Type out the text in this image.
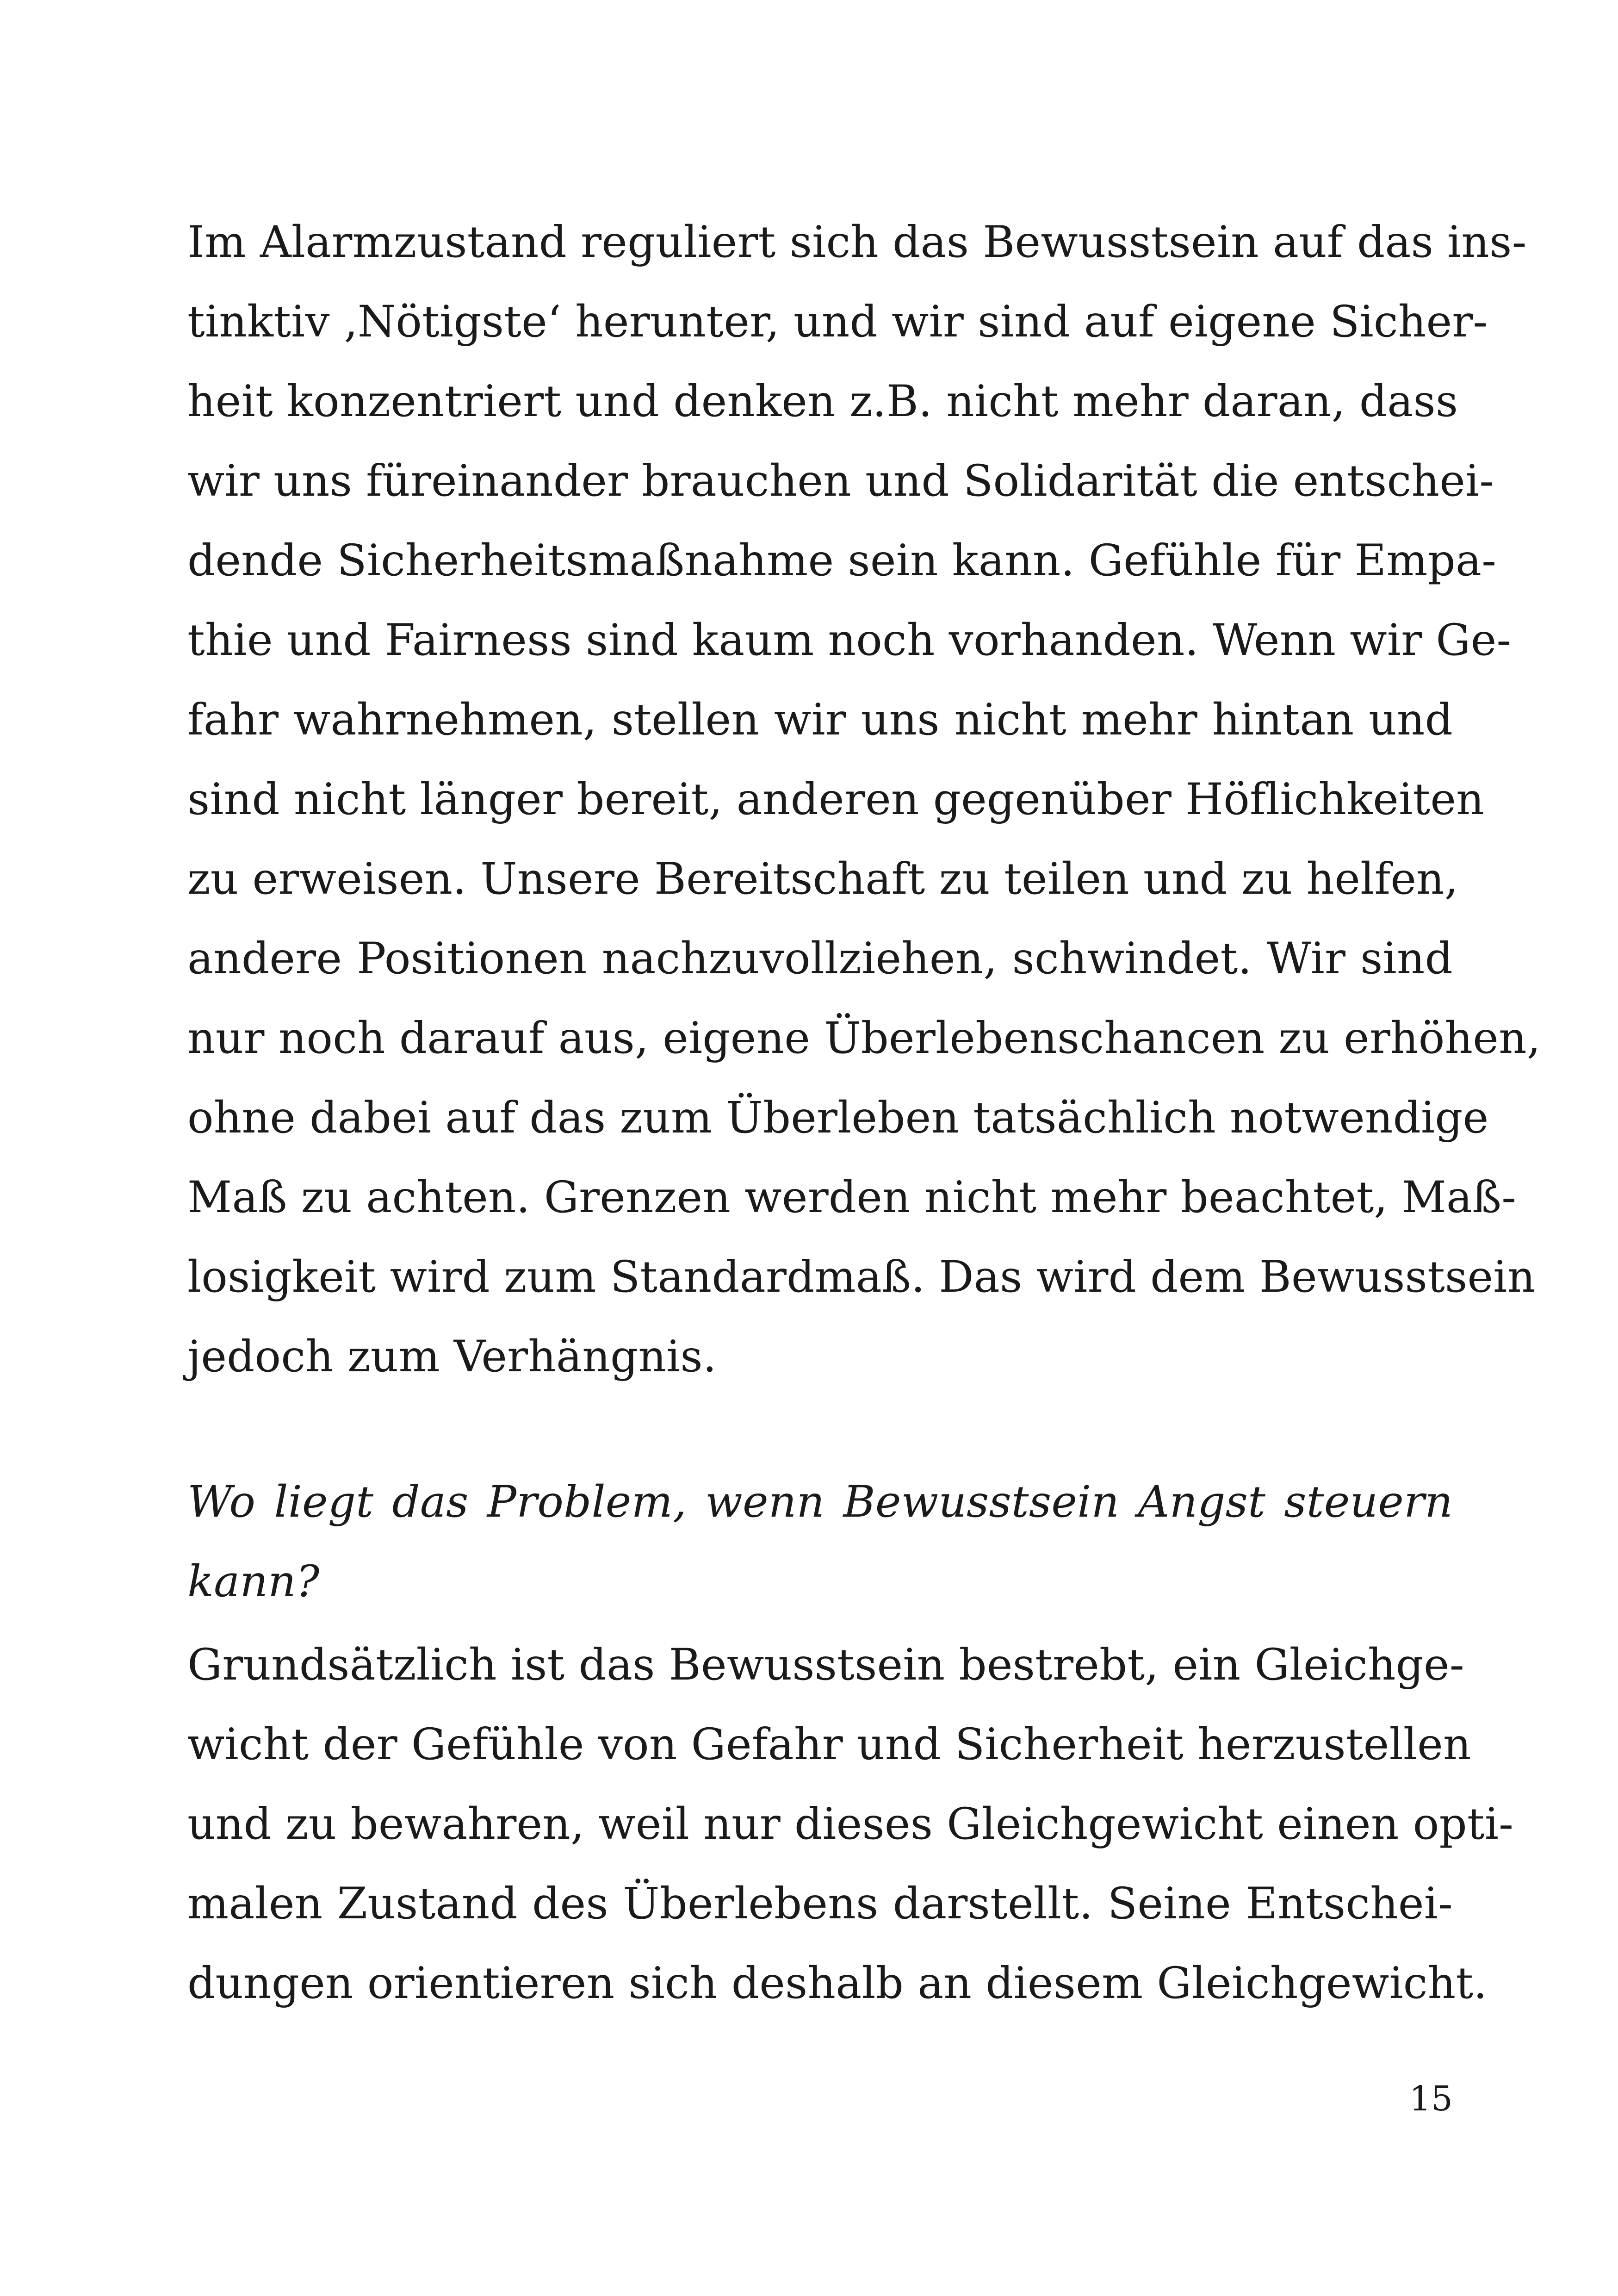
Im Alarmzustand reguliert sich das Bewusstsein auf das ins-
tinktiv ‚Nötigste‘ herunter, und wir sind auf eigene Sicher-
heit konzentriert und denken z.B. nicht mehr daran, dass
wir uns füreinander brauchen und Solidarität die entschei-
dende Sicherheitsmaßnahme sein kann. Gefühle für Empa-
thie und Fairness sind kaum noch vorhanden. Wenn wir Ge-
fahr wahrnehmen, stellen wir uns nicht mehr hintan und
sind nicht länger bereit, anderen gegenüber Höflichkeiten
zu erweisen. Unsere Bereitschaft zu teilen und zu helfen,
andere Positionen nachzuvollziehen, schwindet. Wir sind
nur noch darauf aus, eigene Überlebenschancen zu erhöhen,
ohne dabei auf das zum Überleben tatsächlich notwendige
Maß zu achten. Grenzen werden nicht mehr beachtet, Maß-
losigkeit wird zum Standardmaß. Das wird dem Bewusstsein
jedoch zum Verhängnis.
Wo liegt das Problem, wenn Bewusstsein Angst steuern
kann?
Grundsätzlich ist das Bewusstsein bestrebt, ein Gleichge-
wicht der Gefühle von Gefahr und Sicherheit herzustellen
und zu bewahren, weil nur dieses Gleichgewicht einen opti-
malen Zustand des Überlebens darstellt. Seine Entschei-
dungen orientieren sich deshalb an diesem Gleichgewicht.
15
